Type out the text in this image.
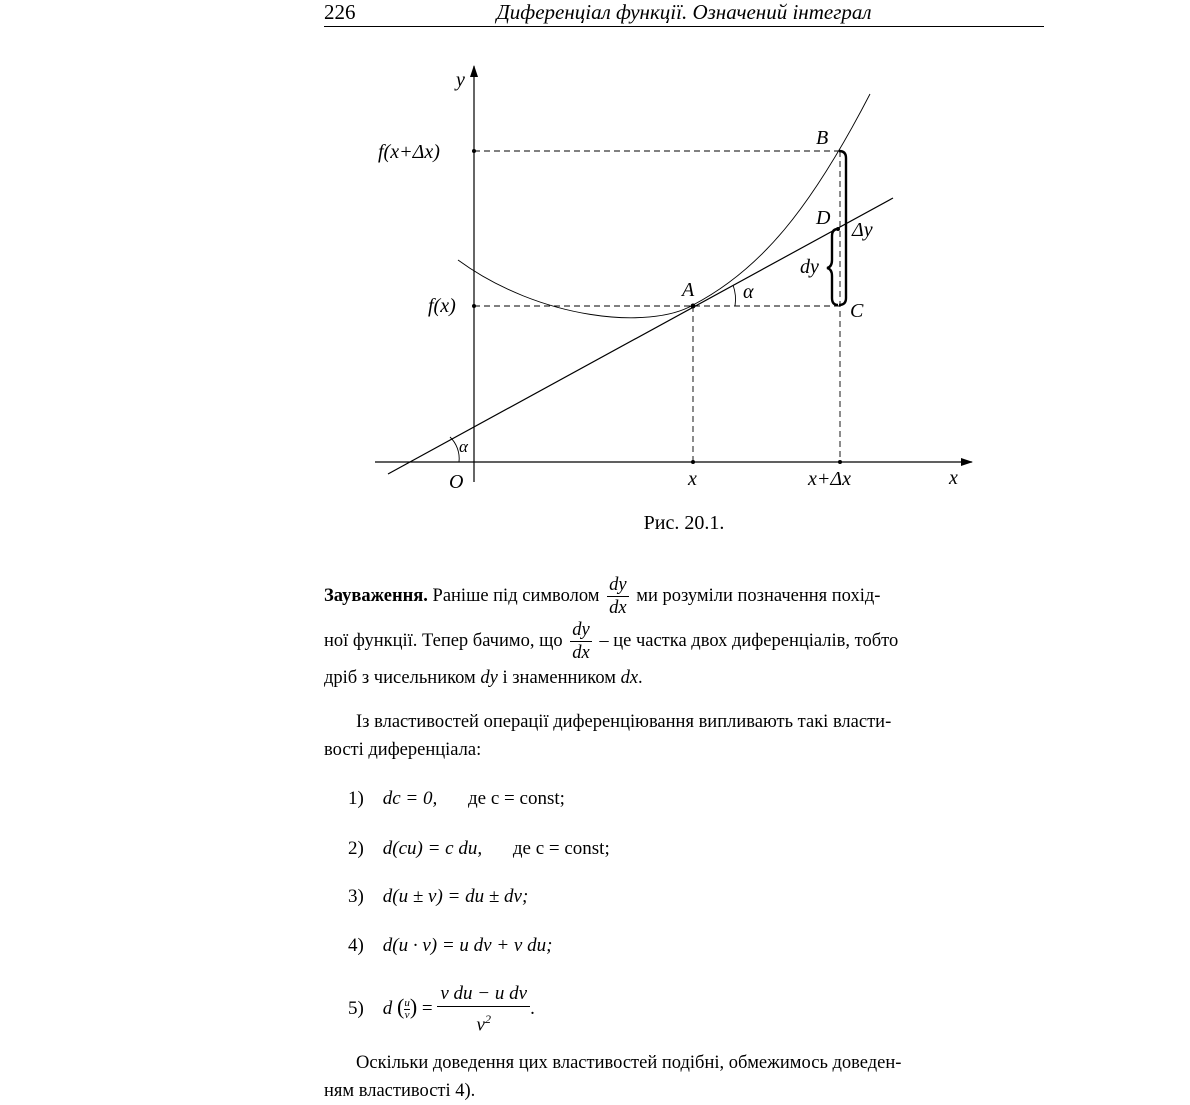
226	Диференціал функції. Означений інтеграл
y
x
O
f(x+Δx)
f(x)
x	x+Δx
A
B
C
D
α
α
dy
Δy
Рис. 20.1.
Зауваження. Раніше під символом $\frac{dy}{dx}$ ми розуміли позначення похід-
ної функції. Тепер бачимо, що $\frac{dy}{dx}$ – це частка двох диференціалів, тобто
дріб з чисельником dy і знаменником dx.
Із властивостей операції диференціювання випливають такі власти-
вості диференціала:
1) dc = 0, де c = const;
2) d(cu) = c du, де c = const;
3) d(u ± v) = du ± dv;
4) d(u · v) = u dv + v du;
5) d ( $\frac{u}{v}) = \frac{\text{v du − u dv}}{v^2}$ .
Оскільки доведення цих властивостей подібні, обмежимось доведен-
ням властивості 4).
